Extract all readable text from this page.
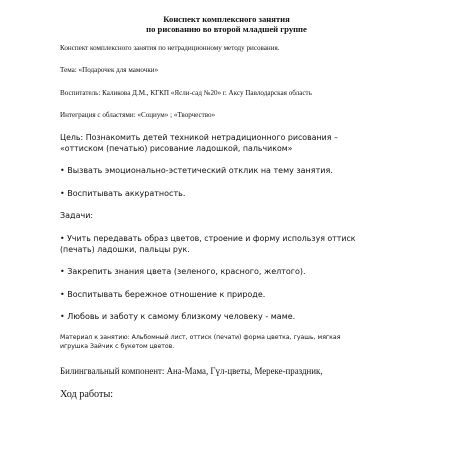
Конспект комплексного занятия
по рисованию во второй младшей группе
Конспект комплексного занятия по нетрадиционному методу рисования.
Тема: «Подарочек для мамочки»
Воспитатель: Каликова Д.М., КГКП «Ясли-сад №20» г. Аксу Павлодарская область
Интеграция с областями: «Социум» ; «Творчество»
Цель: Познакомить детей техникой нетрадиционного рисования –
«оттиском (печатью) рисование ладошкой, пальчиком»
• Вызвать эмоционально-эстетический отклик на тему занятия.
• Воспитывать аккуратность.
Задачи:
• Учить передавать образ цветов, строение и форму используя оттиск
(печать) ладошки, пальцы рук.
• Закрепить знания цвета (зеленого, красного, желтого).
• Воспитывать бережное отношение к природе.
• Любовь и заботу к самому близкому человеку - маме.
Материал к занятию: Альбомный лист, оттиск (печати) форма цветка, гуашь, мягкая
игрушка Зайчик с букетом цветов.
Билингвальный компонент: Ана-Мама, Гүл-цветы, Мереке-праздник,
Ход работы:
